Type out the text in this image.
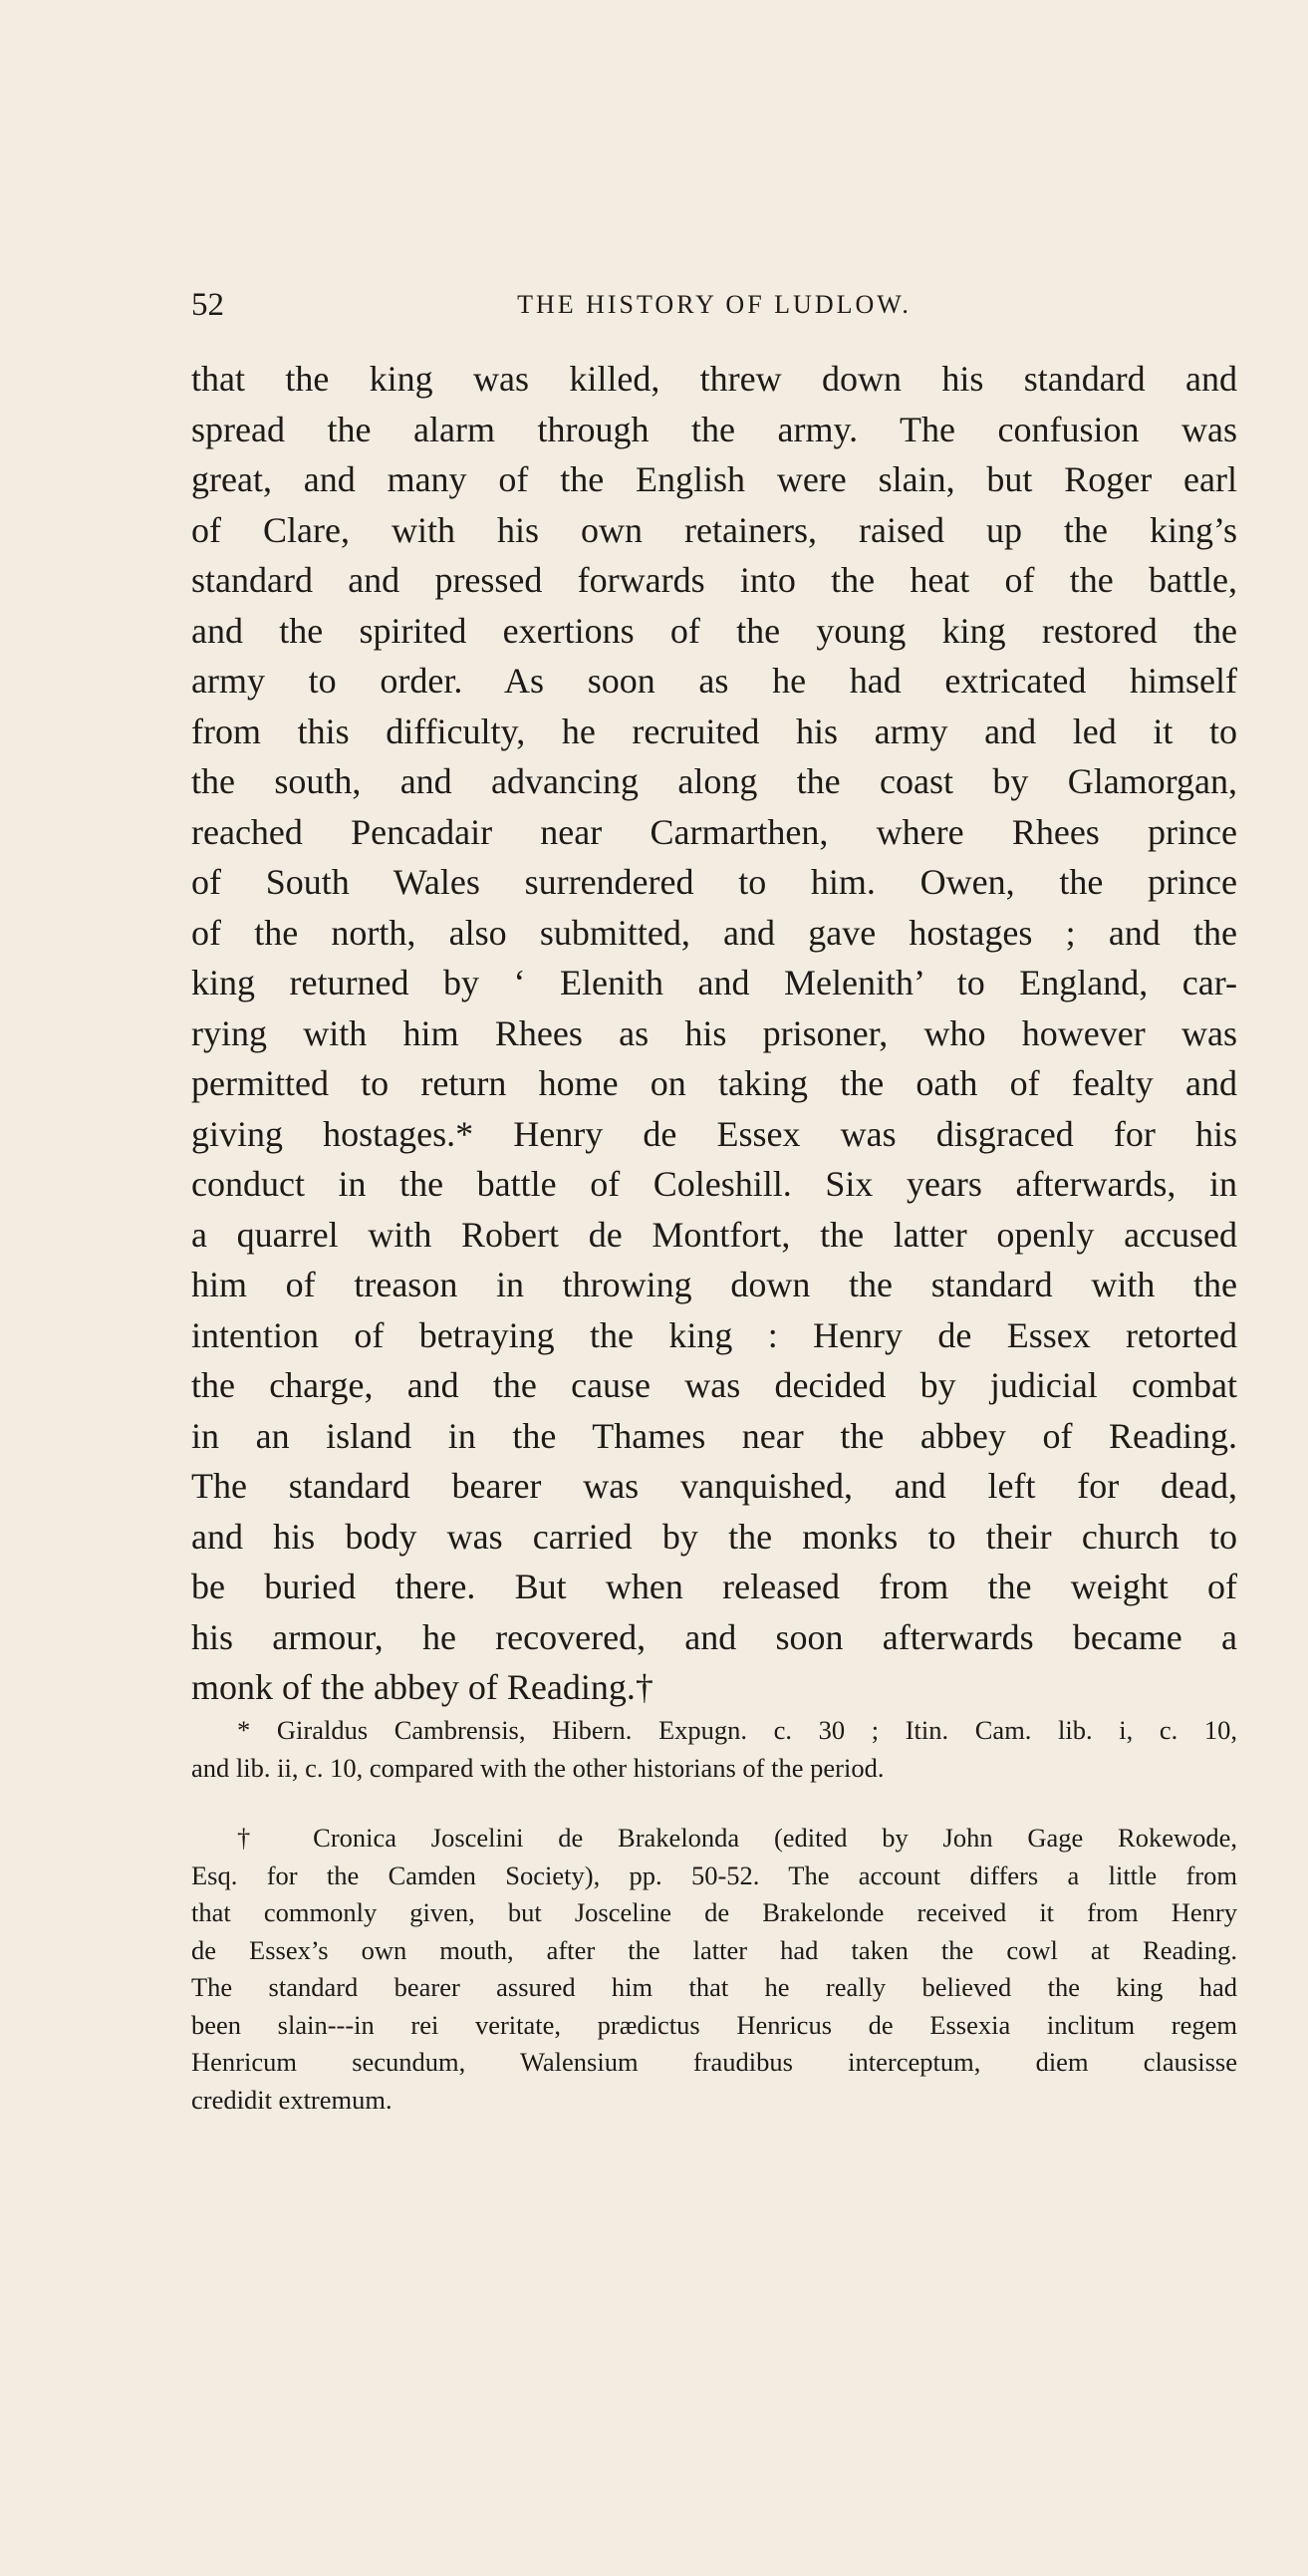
52	THE HISTORY OF LUDLOW.
that the king was killed, threw down his standard and
spread the alarm through the army. The confusion was
great, and many of the English were slain, but Roger earl
of Clare, with his own retainers, raised up the king’s
standard and pressed forwards into the heat of the battle,
and the spirited exertions of the young king restored the
army to order. As soon as he had extricated himself
from this difficulty, he recruited his army and led it to
the south, and advancing along the coast by Glamorgan,
reached Pencadair near Carmarthen, where Rhees prince
of South Wales surrendered to him. Owen, the prince
of the north, also submitted, and gave hostages ; and the
king returned by ‘ Elenith and Melenith’ to England, car-
rying with him Rhees as his prisoner, who however was
permitted to return home on taking the oath of fealty and
giving hostages.* Henry de Essex was disgraced for his
conduct in the battle of Coleshill. Six years afterwards, in
a quarrel with Robert de Montfort, the latter openly accused
him of treason in throwing down the standard with the
intention of betraying the king : Henry de Essex retorted
the charge, and the cause was decided by judicial combat
in an island in the Thames near the abbey of Reading.
The standard bearer was vanquished, and left for dead,
and his body was carried by the monks to their church to
be buried there. But when released from the weight of
his armour, he recovered, and soon afterwards became a
monk of the abbey of Reading.†
* Giraldus Cambrensis, Hibern. Expugn. c. 30 ; Itin. Cam. lib. i, c. 10,
and lib. ii, c. 10, compared with the other historians of the period.
† Cronica Joscelini de Brakelonda (edited by John Gage Rokewode,
Esq. for the Camden Society), pp. 50-52. The account differs a little from
that commonly given, but Josceline de Brakelonde received it from Henry
de Essex’s own mouth, after the latter had taken the cowl at Reading.
The standard bearer assured him that he really believed the king had
been slain---in rei veritate, prædictus Henricus de Essexia inclitum regem
Henricum secundum, Walensium fraudibus interceptum, diem clausisse
credidit extremum.
